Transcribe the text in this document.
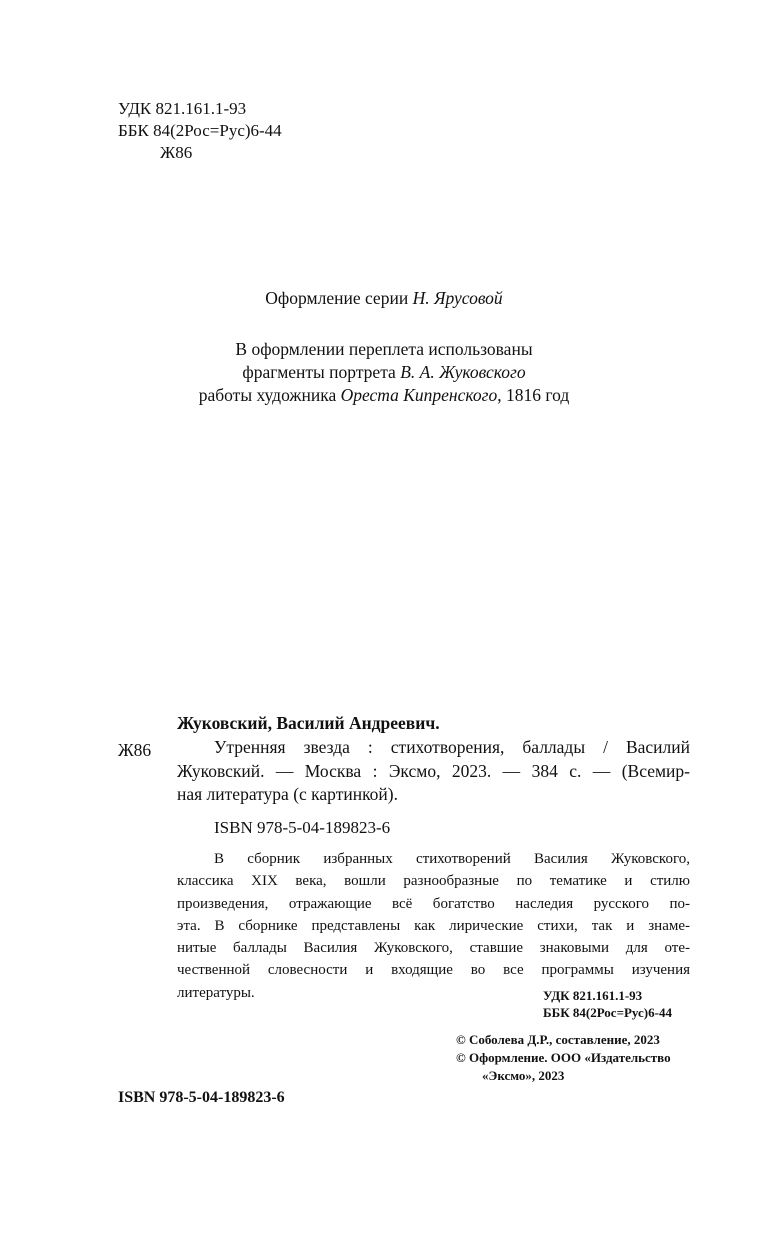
УДК 821.161.1-93
ББК 84(2Рос=Рус)6-44
Ж86
Оформление серии Н. Ярусовой
В оформлении переплета использованы
фрагменты портрета В. А. Жуковского
работы художника Ореста Кипренского, 1816 год
Жуковский, Василий Андреевич.
Ж86	Утренняя звезда : стихотворения, баллады / Василий
Жуковский. — Москва : Эксмо, 2023. — 384 с. — (Всемир-
ная литература (с картинкой).
ISBN 978-5-04-189823-6
В сборник избранных стихотворений Василия Жуковского,
классика XIX века, вошли разнообразные по тематике и стилю
произведения, отражающие всё богатство наследия русского по-
эта. В сборнике представлены как лирические стихи, так и знаме-
нитые баллады Василия Жуковского, ставшие знаковыми для оте-
чественной словесности и входящие во все программы изучения
литературы.	УДК 821.161.1-93
ББК 84(2Рос=Рус)6-44
© Соболева Д.Р., составление, 2023
© Оформление. ООО «Издательство
«Эксмо», 2023
ISBN 978-5-04-189823-6
